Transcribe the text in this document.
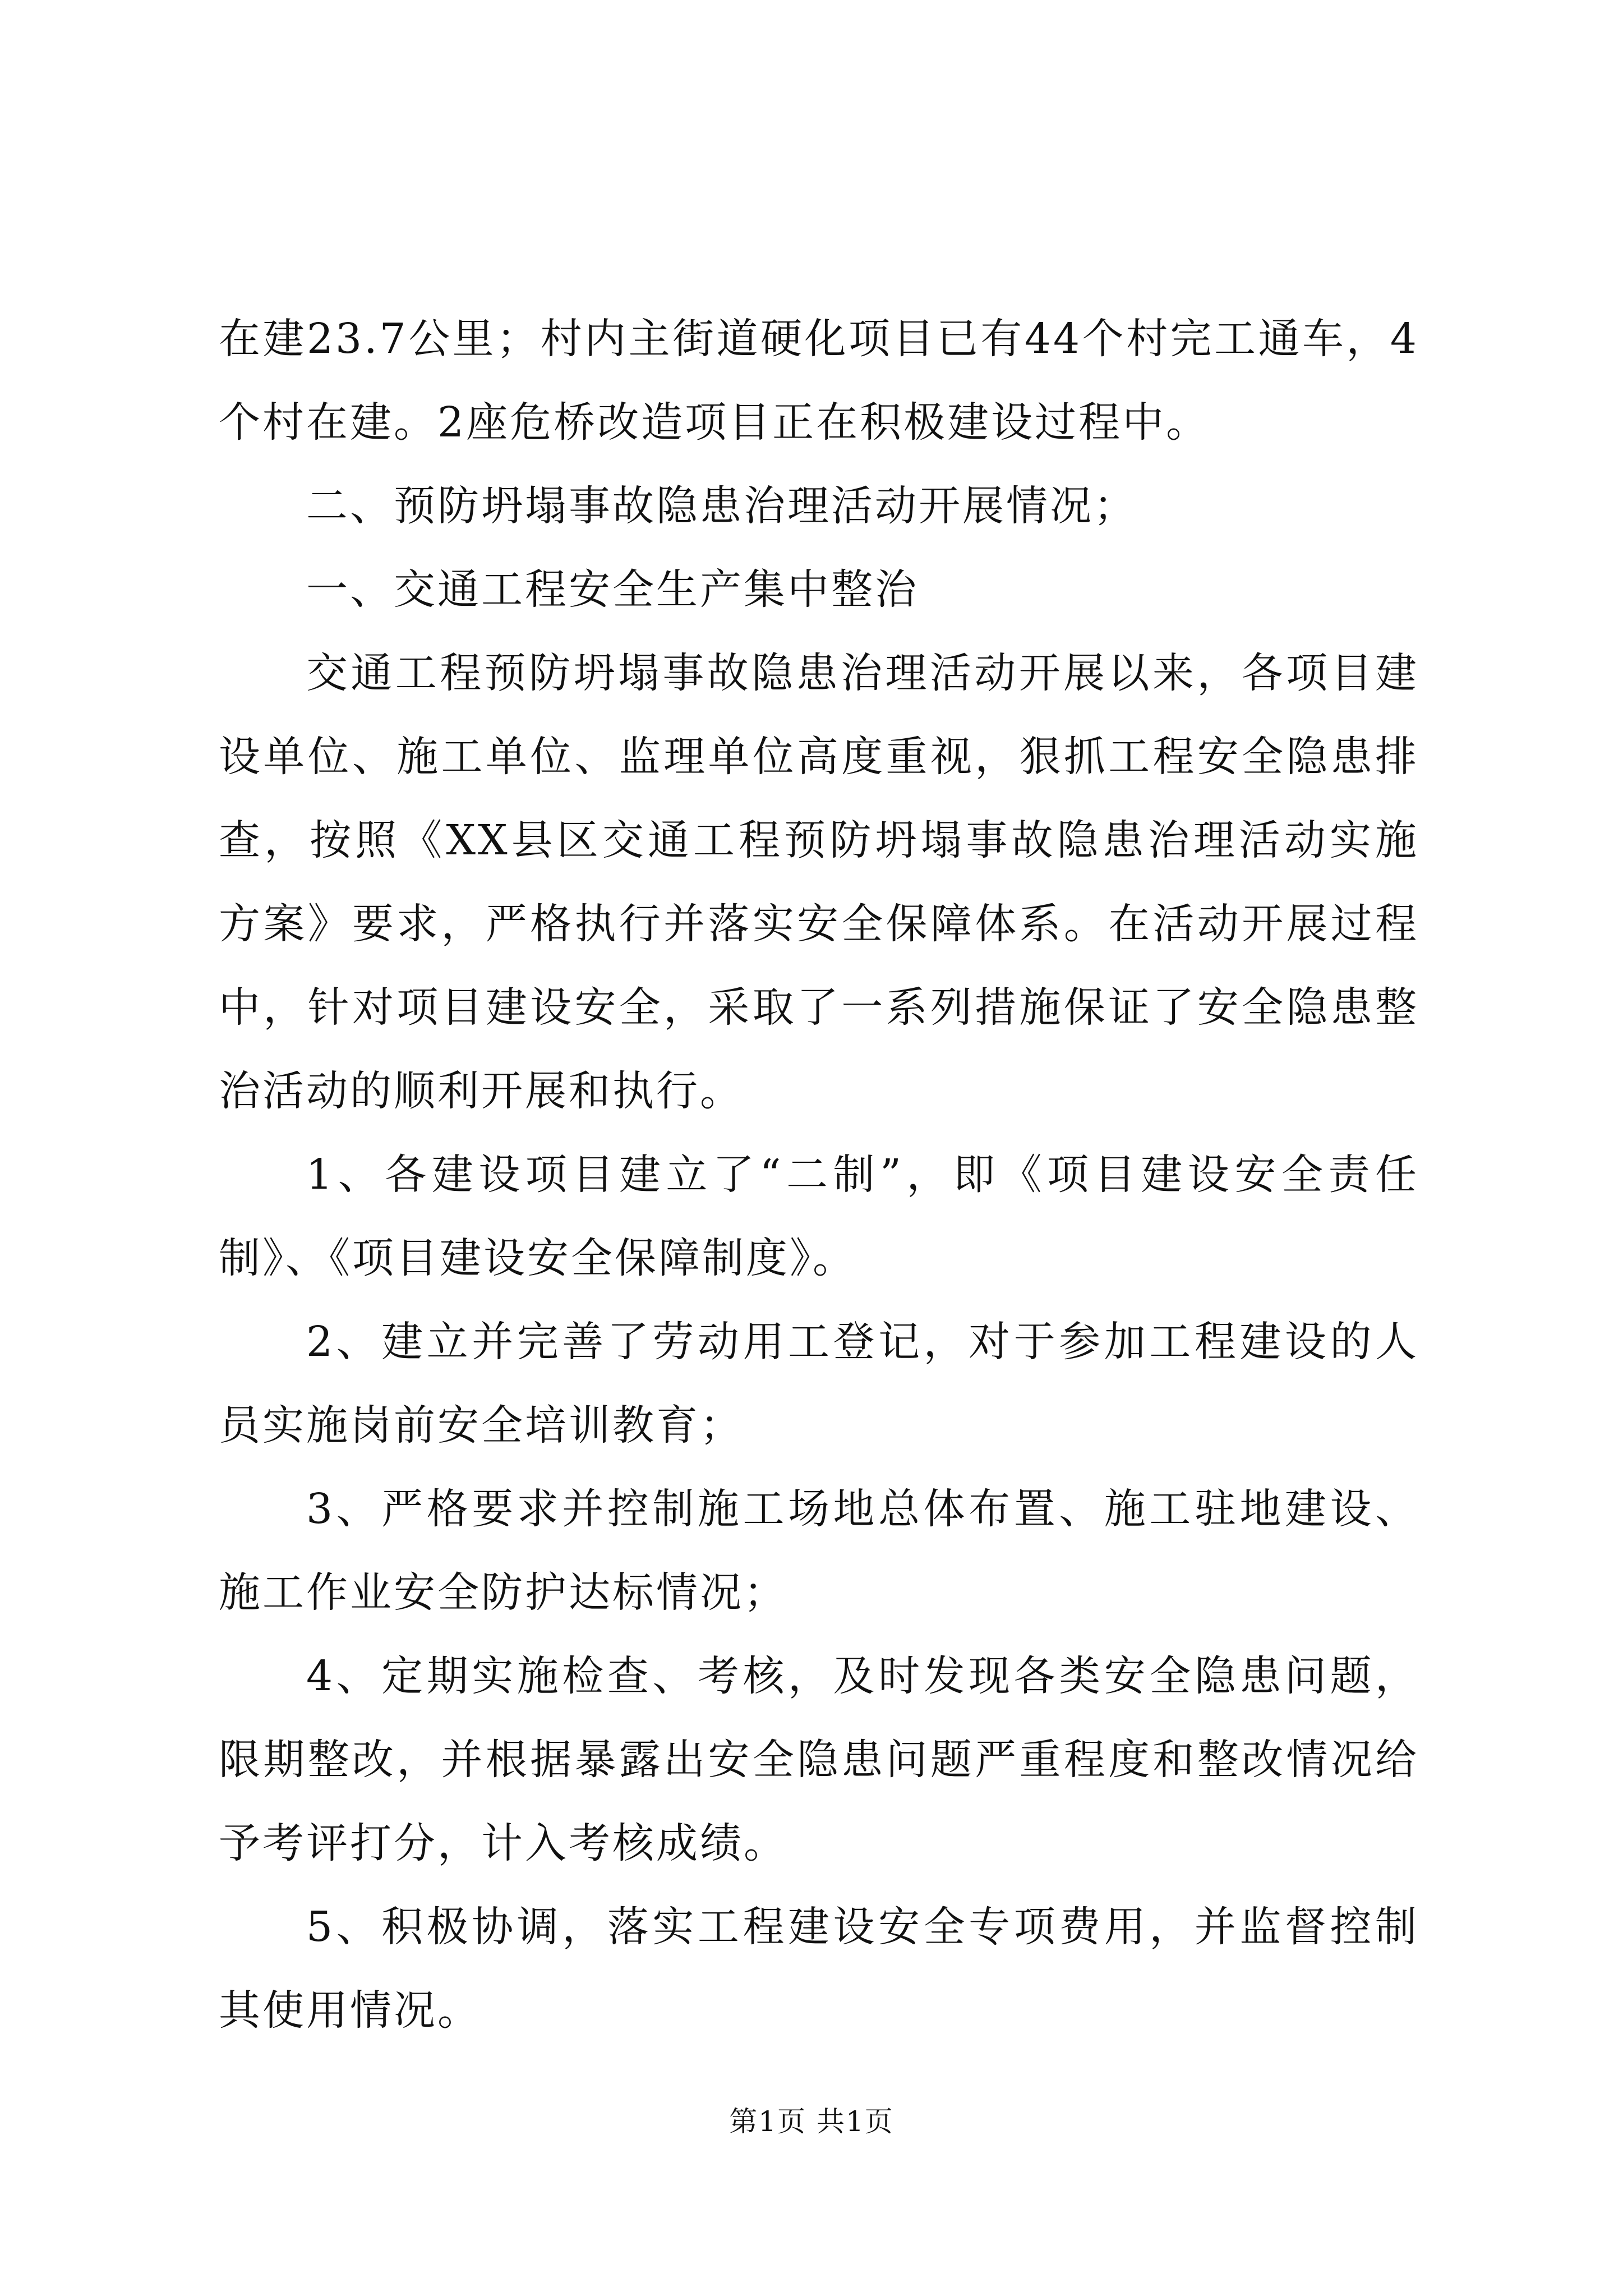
在建23.7公里；村内主街道硬化项目已有44个村完工通车，4个村在建。2座危桥改造项目正在积极建设过程中。

二、预防坍塌事故隐患治理活动开展情况；

一、交通工程安全生产集中整治

交通工程预防坍塌事故隐患治理活动开展以来，各项目建设单位、施工单位、监理单位高度重视，狠抓工程安全隐患排查，按照《XX县区交通工程预防坍塌事故隐患治理活动实施方案》要求，严格执行并落实安全保障体系。在活动开展过程中，针对项目建设安全，采取了一系列措施保证了安全隐患整治活动的顺利开展和执行。

1、各建设项目建立了“二制”，即《项目建设安全责任制》、《项目建设安全保障制度》。

2、建立并完善了劳动用工登记，对于参加工程建设的人员实施岗前安全培训教育；

3、严格要求并控制施工场地总体布置、施工驻地建设、施工作业安全防护达标情况；

4、定期实施检查、考核，及时发现各类安全隐患问题，限期整改，并根据暴露出安全隐患问题严重程度和整改情况给予考评打分，计入考核成绩。

5、积极协调，落实工程建设安全专项费用，并监督控制其使用情况。

第1页 共1页
